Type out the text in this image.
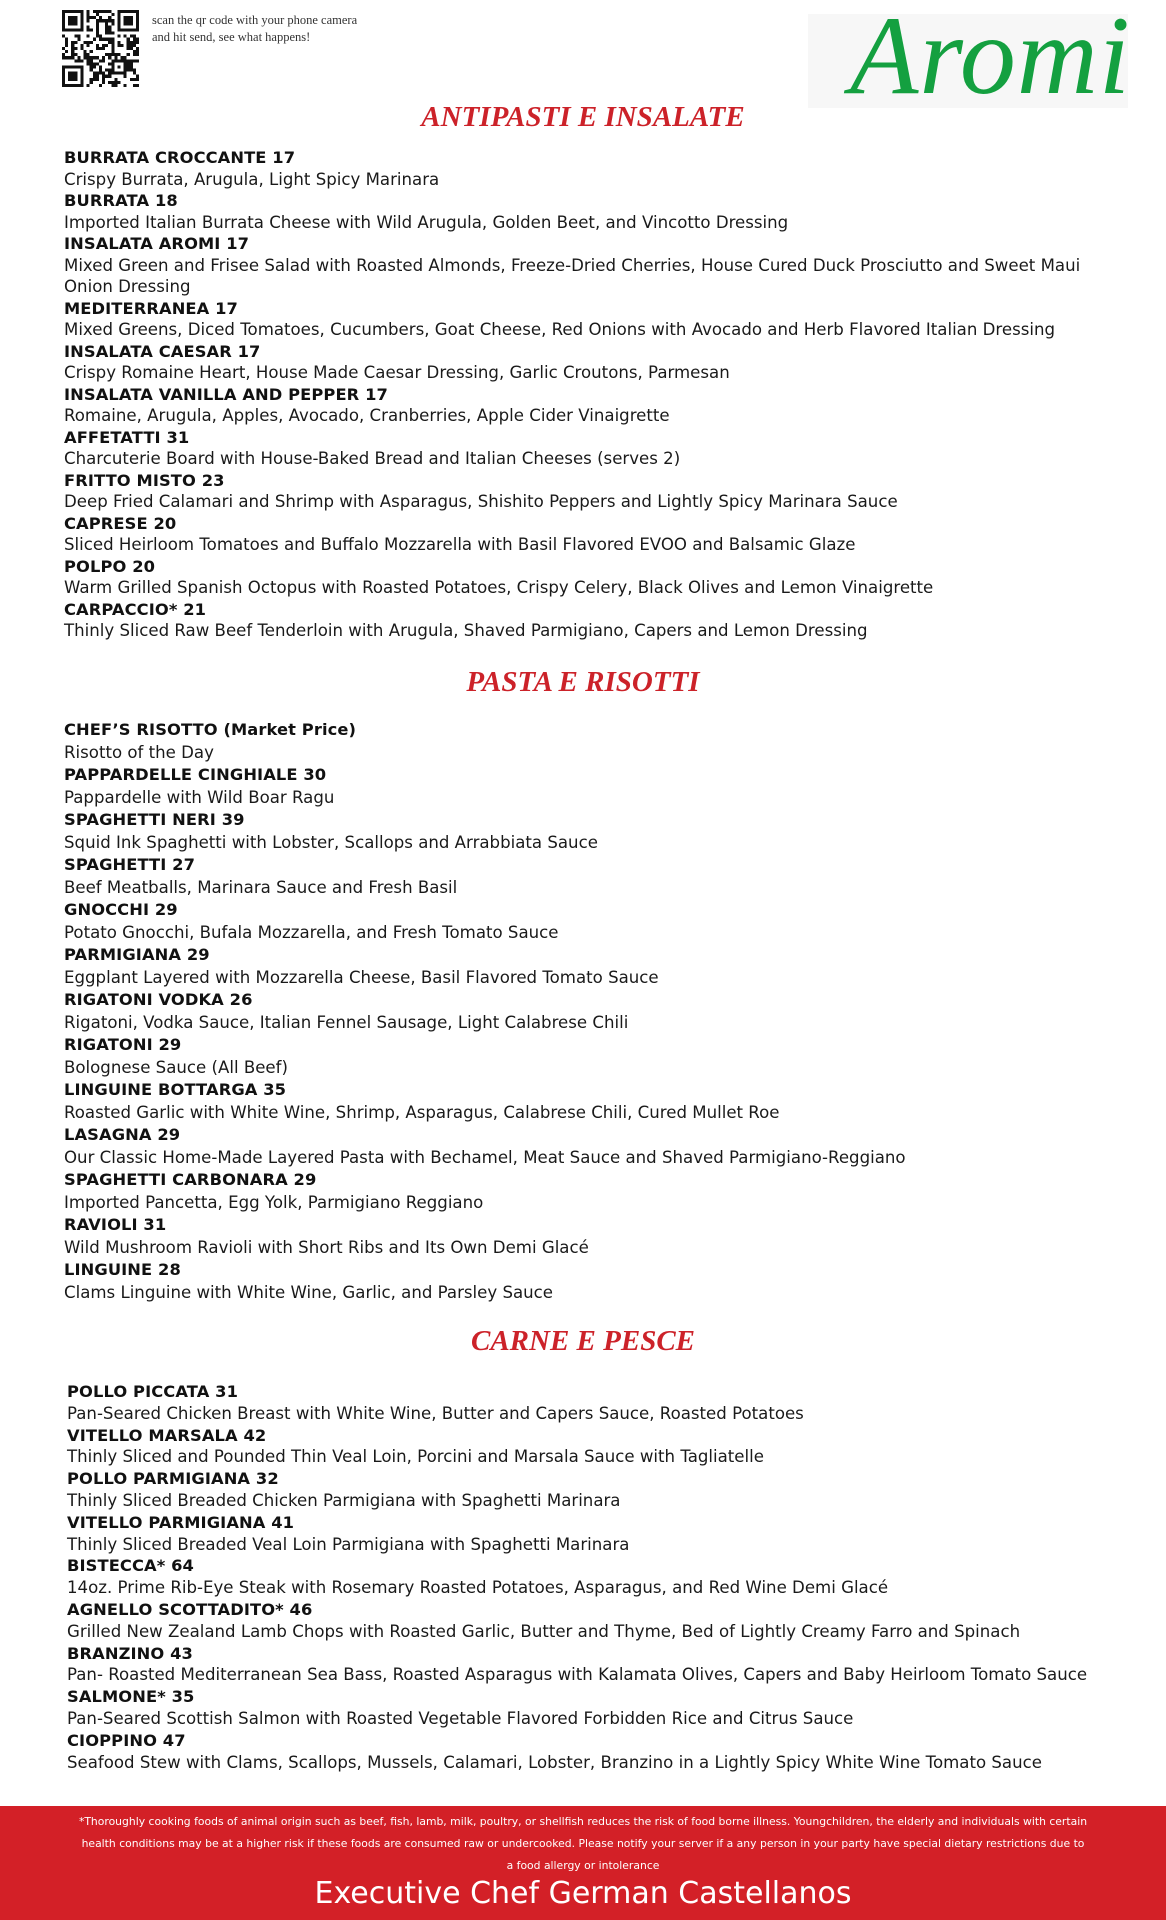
scan the qr code with your phone camera
and hit send, see what happens!	Aromi
ANTIPASTI E INSALATE
BURRATA CROCCANTE 17
Crispy Burrata, Arugula, Light Spicy Marinara
BURRATA 18
Imported Italian Burrata Cheese with Wild Arugula, Golden Beet, and Vincotto Dressing
INSALATA AROMI 17
Mixed Green and Frisee Salad with Roasted Almonds, Freeze-Dried Cherries, House Cured Duck Prosciutto and Sweet Maui Onion Dressing
MEDITERRANEA 17
Mixed Greens, Diced Tomatoes, Cucumbers, Goat Cheese, Red Onions with Avocado and Herb Flavored Italian Dressing
INSALATA CAESAR 17
Crispy Romaine Heart, House Made Caesar Dressing, Garlic Croutons, Parmesan
INSALATA VANILLA AND PEPPER 17
Romaine, Arugula, Apples, Avocado, Cranberries, Apple Cider Vinaigrette
AFFETATTI 31
Charcuterie Board with House-Baked Bread and Italian Cheeses (serves 2)
FRITTO MISTO 23
Deep Fried Calamari and Shrimp with Asparagus, Shishito Peppers and Lightly Spicy Marinara Sauce
CAPRESE 20
Sliced Heirloom Tomatoes and Buffalo Mozzarella with Basil Flavored EVOO and Balsamic Glaze
POLPO 20
Warm Grilled Spanish Octopus with Roasted Potatoes, Crispy Celery, Black Olives and Lemon Vinaigrette
CARPACCIO* 21
Thinly Sliced Raw Beef Tenderloin with Arugula, Shaved Parmigiano, Capers and Lemon Dressing
PASTA E RISOTTI
CHEF’S RISOTTO (Market Price)
Risotto of the Day
PAPPARDELLE CINGHIALE 30
Pappardelle with Wild Boar Ragu
SPAGHETTI NERI 39
Squid Ink Spaghetti with Lobster, Scallops and Arrabbiata Sauce
SPAGHETTI 27
Beef Meatballs, Marinara Sauce and Fresh Basil
GNOCCHI 29
Potato Gnocchi, Bufala Mozzarella, and Fresh Tomato Sauce
PARMIGIANA 29
Eggplant Layered with Mozzarella Cheese, Basil Flavored Tomato Sauce
RIGATONI VODKA 26
Rigatoni, Vodka Sauce, Italian Fennel Sausage, Light Calabrese Chili
RIGATONI 29
Bolognese Sauce (All Beef)
LINGUINE BOTTARGA 35
Roasted Garlic with White Wine, Shrimp, Asparagus, Calabrese Chili, Cured Mullet Roe
LASAGNA 29
Our Classic Home-Made Layered Pasta with Bechamel, Meat Sauce and Shaved Parmigiano-Reggiano
SPAGHETTI CARBONARA 29
Imported Pancetta, Egg Yolk, Parmigiano Reggiano
RAVIOLI 31
Wild Mushroom Ravioli with Short Ribs and Its Own Demi Glacé
LINGUINE 28
Clams Linguine with White Wine, Garlic, and Parsley Sauce
CARNE E PESCE
POLLO PICCATA 31
Pan-Seared Chicken Breast with White Wine, Butter and Capers Sauce, Roasted Potatoes
VITELLO MARSALA 42
Thinly Sliced and Pounded Thin Veal Loin, Porcini and Marsala Sauce with Tagliatelle
POLLO PARMIGIANA 32
Thinly Sliced Breaded Chicken Parmigiana with Spaghetti Marinara
VITELLO PARMIGIANA 41
Thinly Sliced Breaded Veal Loin Parmigiana with Spaghetti Marinara
BISTECCA* 64
14oz. Prime Rib-Eye Steak with Rosemary Roasted Potatoes, Asparagus, and Red Wine Demi Glacé
AGNELLO SCOTTADITO* 46
Grilled New Zealand Lamb Chops with Roasted Garlic, Butter and Thyme, Bed of Lightly Creamy Farro and Spinach
BRANZINO 43
Pan- Roasted Mediterranean Sea Bass, Roasted Asparagus with Kalamata Olives, Capers and Baby Heirloom Tomato Sauce
SALMONE* 35
Pan-Seared Scottish Salmon with Roasted Vegetable Flavored Forbidden Rice and Citrus Sauce
CIOPPINO 47
Seafood Stew with Clams, Scallops, Mussels, Calamari, Lobster, Branzino in a Lightly Spicy White Wine Tomato Sauce
*Thoroughly cooking foods of animal origin such as beef, fish, lamb, milk, poultry, or shellfish reduces the risk of food borne illness. Youngchildren, the elderly and individuals with certain health conditions may be at a higher risk if these foods are consumed raw or undercooked. Please notify your server if a any person in your party have special dietary restrictions due to a food allergy or intolerance
Executive Chef German Castellanos
